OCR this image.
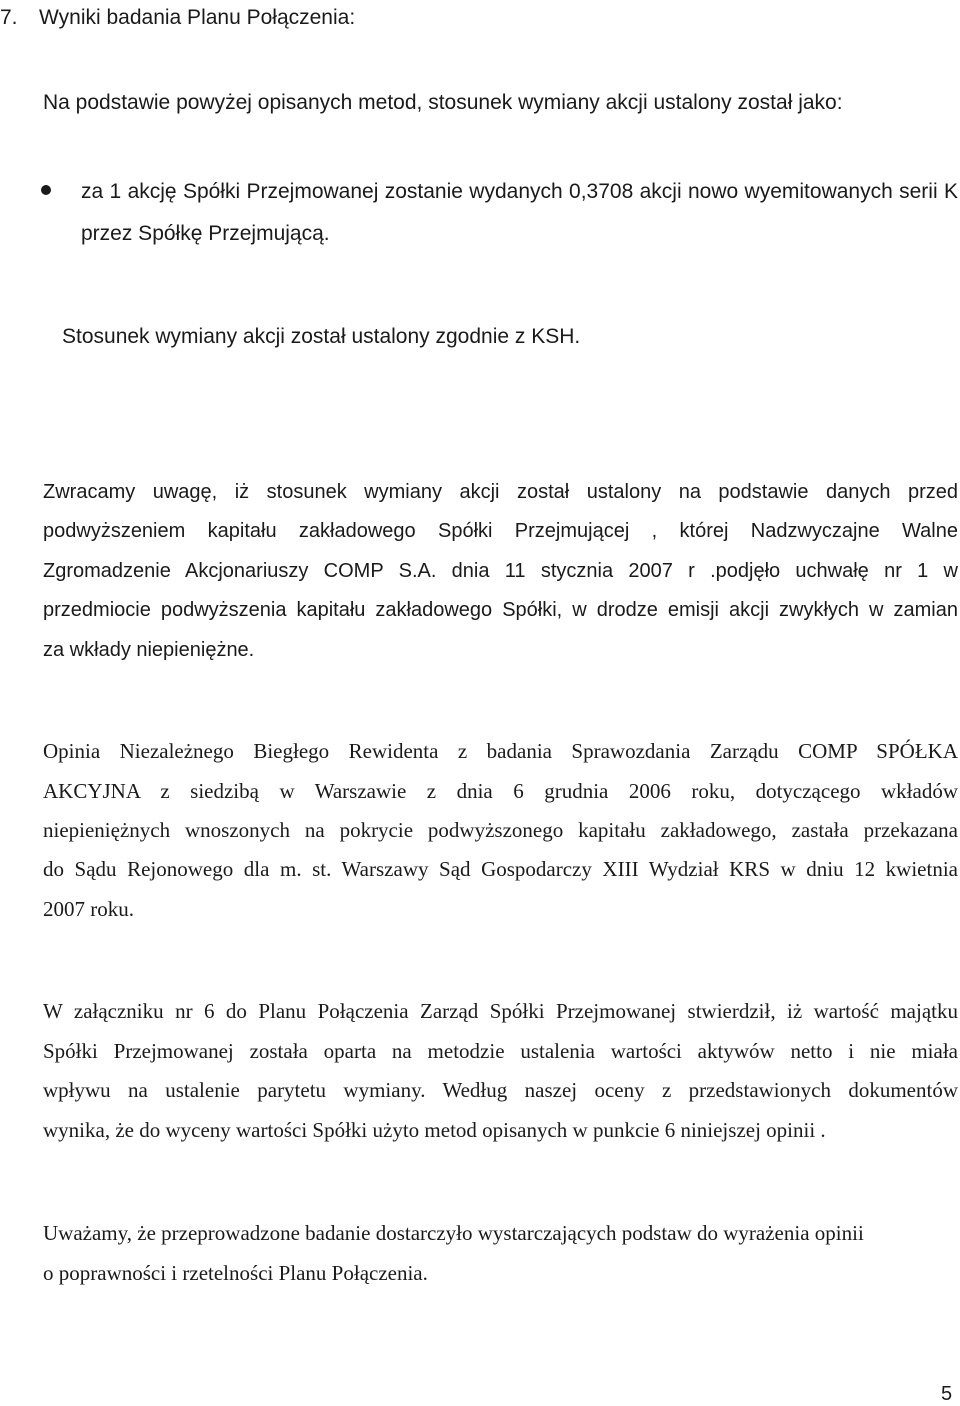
7. Wyniki badania Planu Połączenia:

Na podstawie powyżej opisanych metod, stosunek wymiany akcji ustalony został jako:

za 1 akcję Spółki Przejmowanej zostanie wydanych 0,3708 akcji nowo wyemitowanych serii K

przez Spółkę Przejmującą.

Stosunek wymiany akcji został ustalony zgodnie z KSH.

Zwracamy uwagę, iż stosunek wymiany akcji został ustalony na podstawie danych przed

podwyższeniem kapitału zakładowego Spółki Przejmującej , której Nadzwyczajne Walne

Zgromadzenie Akcjonariuszy COMP S.A. dnia 11 stycznia 2007 r .podjęło uchwałę nr 1 w

przedmiocie podwyższenia kapitału zakładowego Spółki, w drodze emisji akcji zwykłych w zamian

za wkłady niepieniężne.

Opinia Niezależnego Biegłego Rewidenta z badania Sprawozdania Zarządu COMP SPÓŁKA

AKCYJNA z siedzibą w Warszawie z dnia 6 grudnia 2006 roku, dotyczącego wkładów

niepieniężnych wnoszonych na pokrycie podwyższonego kapitału zakładowego, zastała przekazana

do Sądu Rejonowego dla m. st. Warszawy Sąd Gospodarczy XIII Wydział KRS w dniu 12 kwietnia

2007 roku.

W załączniku nr 6 do Planu Połączenia Zarząd Spółki Przejmowanej stwierdził, iż wartość majątku

Spółki Przejmowanej została oparta na metodzie ustalenia wartości aktywów netto i nie miała

wpływu na ustalenie parytetu wymiany. Według naszej oceny z przedstawionych dokumentów

wynika, że do wyceny wartości Spółki użyto metod opisanych w punkcie 6 niniejszej opinii .

Uważamy, że przeprowadzone badanie dostarczyło wystarczających podstaw do wyrażenia opinii

o poprawności i rzetelności Planu Połączenia.

5
